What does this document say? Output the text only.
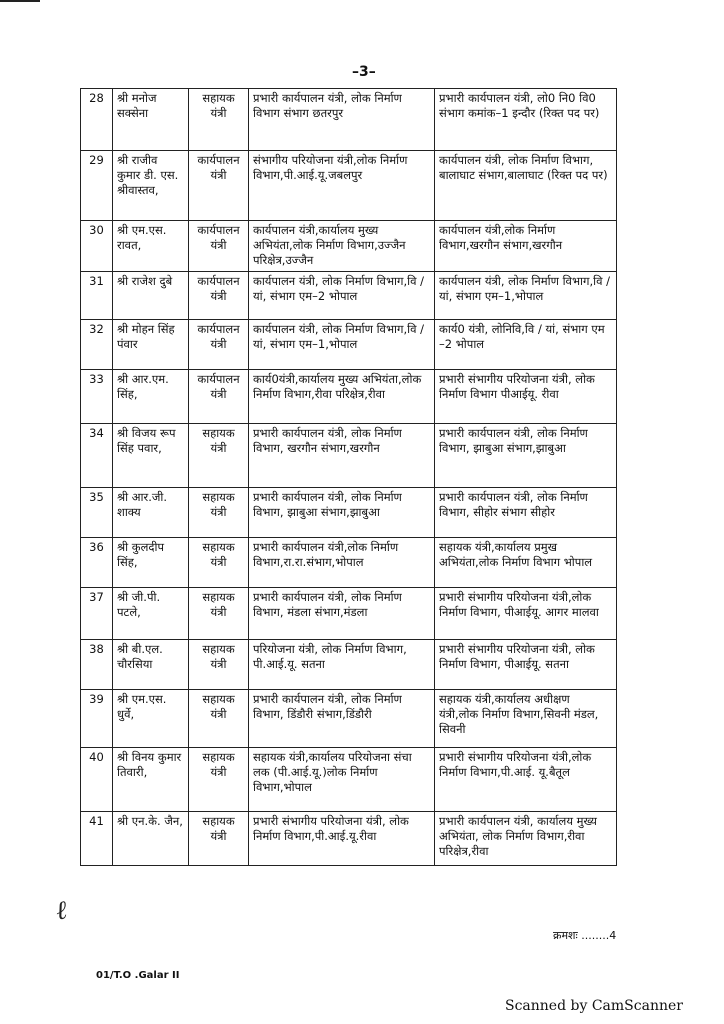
–3–
28	श्री मनोज सक्सेना	सहायक यंत्री	प्रभारी कार्यपालन यंत्री, लोक निर्माण विभाग संभाग छतरपुर	प्रभारी कार्यपालन यंत्री, लो0 नि0 वि0 संभाग कमांक–1 इन्दौर (रिक्त पद पर)
29	श्री राजीव कुमार डी. एस. श्रीवास्तव,	कार्यपालन यंत्री	संभागीय परियोजना यंत्री,लोक निर्माण विभाग,पी.आई.यू.जबलपुर	कार्यपालन यंत्री, लोक निर्माण विभाग, बालाघाट संभाग,बालाघाट (रिक्त पद पर)
30	श्री एम.एस. रावत,	कार्यपालन यंत्री	कार्यपालन यंत्री,कार्यालय मुख्य अभियंता,लोक निर्माण विभाग,उज्जैन परिक्षेत्र,उज्जैन	कार्यपालन यंत्री,लोक निर्माण विभाग,खरगौन संभाग,खरगौन
31	श्री राजेश दुबे	कार्यपालन यंत्री	कार्यपालन यंत्री, लोक निर्माण विभाग,वि / यां, संभाग एम–2 भोपाल	कार्यपालन यंत्री, लोक निर्माण विभाग,वि / यां, संभाग एम–1,भोपाल
32	श्री मोहन सिंह पंवार	कार्यपालन यंत्री	कार्यपालन यंत्री, लोक निर्माण विभाग,वि / यां, संभाग एम–1,भोपाल	कार्य0 यंत्री, लोनिवि,वि / यां, संभाग एम –2 भोपाल
33	श्री आर.एम. सिंह,	कार्यपालन यंत्री	कार्य0यंत्री,कार्यालय मुख्य अभियंता,लोक निर्माण विभाग,रीवा परिक्षेत्र,रीवा	प्रभारी संभागीय परियोजना यंत्री, लोक निर्माण विभाग पीआईयू. रीवा
34	श्री विजय रूप सिंह पवार,	सहायक यंत्री	प्रभारी कार्यपालन यंत्री, लोक निर्माण विभाग, खरगौन संभाग,खरगौन	प्रभारी कार्यपालन यंत्री, लोक निर्माण विभाग, झाबुआ संभाग,झाबुआ
35	श्री आर.जी. शाक्य	सहायक यंत्री	प्रभारी कार्यपालन यंत्री, लोक निर्माण विभाग, झाबुआ संभाग,झाबुआ	प्रभारी कार्यपालन यंत्री, लोक निर्माण विभाग, सीहोर संभाग सीहोर
36	श्री कुलदीप सिंह,	सहायक यंत्री	प्रभारी कार्यपालन यंत्री,लोक निर्माण विभाग,रा.रा.संभाग,भोपाल	सहायक यंत्री,कार्यालय प्रमुख अभियंता,लोक निर्माण विभाग भोपाल
37	श्री जी.पी. पटले,	सहायक यंत्री	प्रभारी कार्यपालन यंत्री, लोक निर्माण विभाग, मंडला संभाग,मंडला	प्रभारी संभागीय परियोजना यंत्री,लोक निर्माण विभाग, पीआईयू. आगर मालवा
38	श्री बी.एल. चौरसिया	सहायक यंत्री	परियोजना यंत्री, लोक निर्माण विभाग, पी.आई.यू. सतना	प्रभारी संभागीय परियोजना यंत्री, लोक निर्माण विभाग, पीआईयू. सतना
39	श्री एम.एस. धुर्वे,	सहायक यंत्री	प्रभारी कार्यपालन यंत्री, लोक निर्माण विभाग, डिंडौरी संभाग,डिंडौरी	सहायक यंत्री,कार्यालय अधीक्षण यंत्री,लोक निर्माण विभाग,सिवनी मंडल, सिवनी
40	श्री विनय कुमार तिवारी,	सहायक यंत्री	सहायक यंत्री,कार्यालय परियोजना संचा लक (पी.आई.यू.)लोक निर्माण विभाग,भोपाल	प्रभारी संभागीय परियोजना यंत्री,लोक निर्माण विभाग,पी.आई. यू.बैतूल
41	श्री एन.के. जैन,	सहायक यंत्री	प्रभारी संभागीय परियोजना यंत्री, लोक निर्माण विभाग,पी.आई.यू.रीवा	प्रभारी कार्यपालन यंत्री, कार्यालय मुख्य अभियंता, लोक निर्माण विभाग,रीवा परिक्षेत्र,रीवा
ℓ
क्रमशः ........4
01/T.O .Galar II
Scanned by CamScanner
